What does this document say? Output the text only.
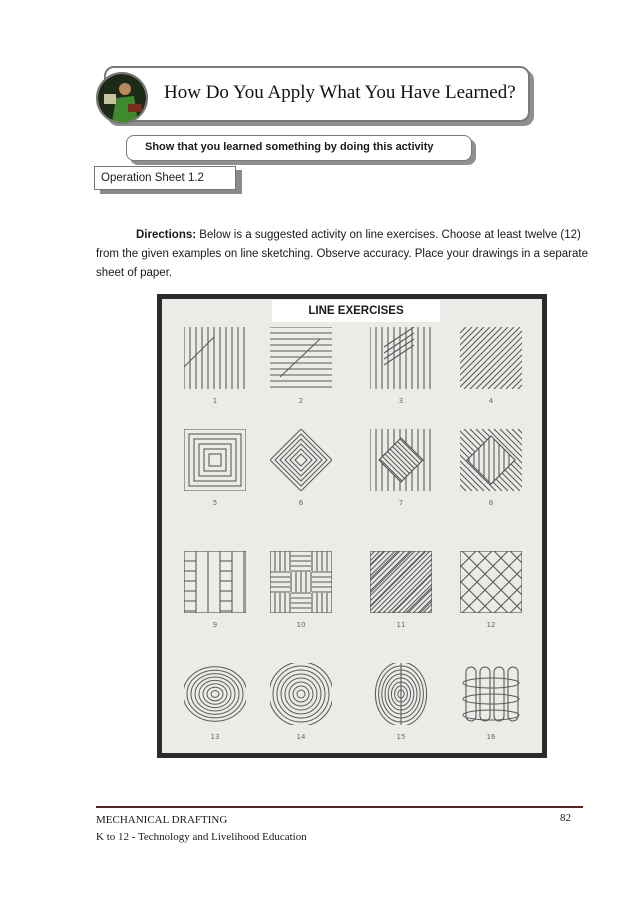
How Do You Apply What You Have Learned?
Show that you learned something by doing this activity
Operation Sheet 1.2
Directions: Below is a suggested activity on line exercises. Choose at least twelve (12) from the given examples on line sketching. Observe accuracy. Place your drawings in a separate sheet of paper.
1	2	3	4
5	6	7	8
9	10	11	12
13	14	15	16
LINE EXERCISES
MECHANICAL DRAFTING
K to 12 - Technology and Livelihood Education
82
